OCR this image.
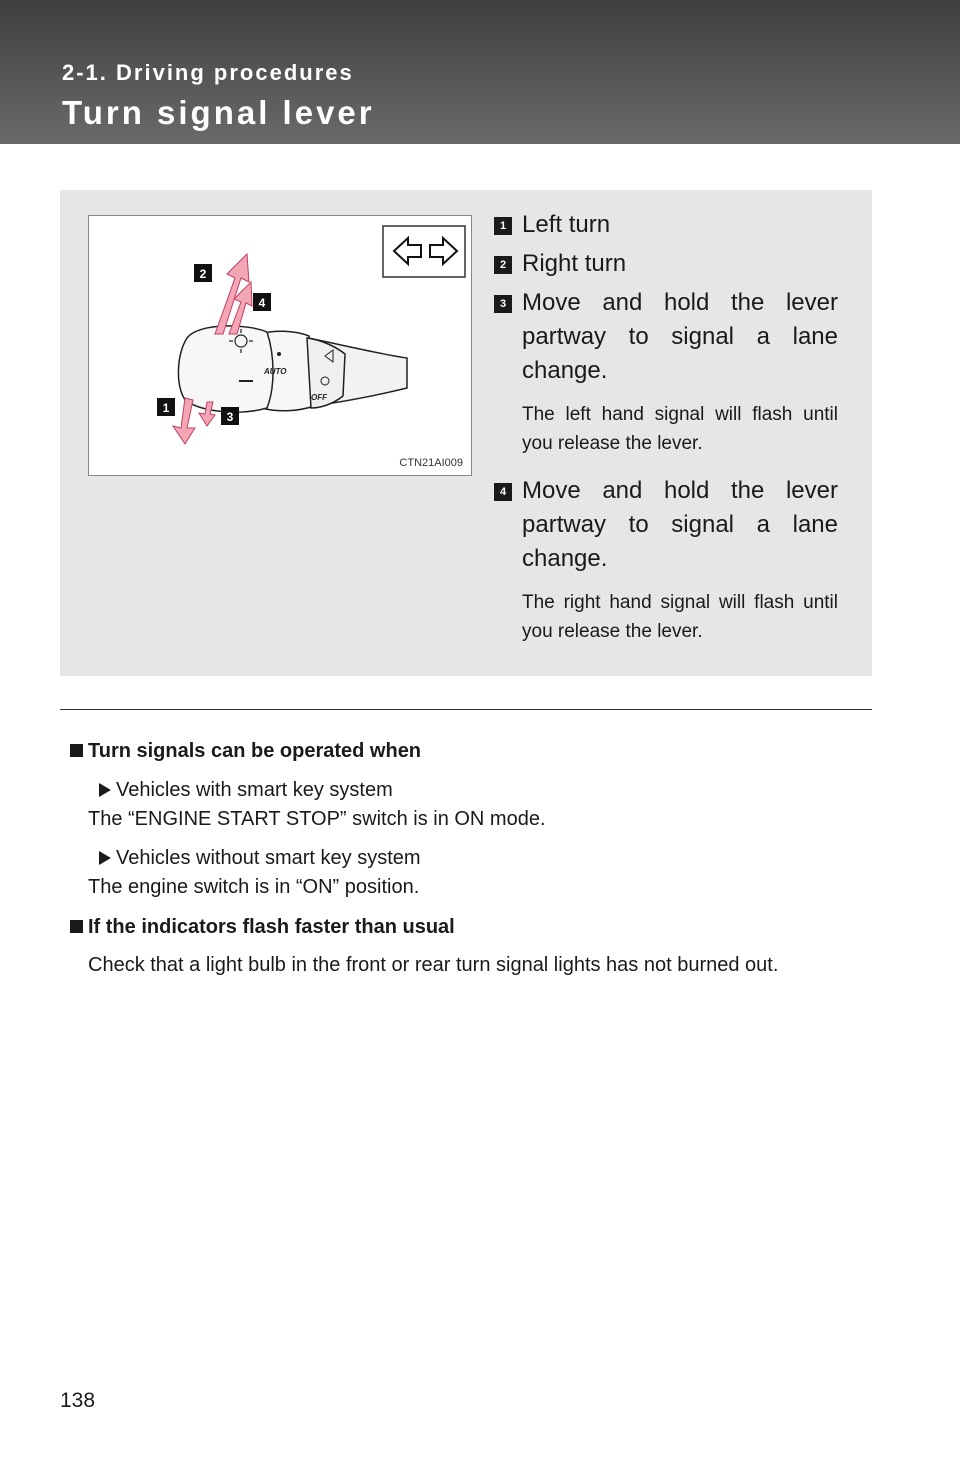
2-1. Driving procedures
Turn signal lever
AUTO
OFF
2
4
1
3
CTN21AI009
1 Left turn
2 Right turn
3 Move and hold the lever partway to signal a lane change.
The left hand signal will flash until you release the lever.
4 Move and hold the lever partway to signal a lane change.
The right hand signal will flash until you release the lever.
Turn signals can be operated when
Vehicles with smart key system
The “ENGINE START STOP” switch is in ON mode.
Vehicles without smart key system
The engine switch is in “ON” position.
If the indicators flash faster than usual
Check that a light bulb in the front or rear turn signal lights has not burned out.
138
